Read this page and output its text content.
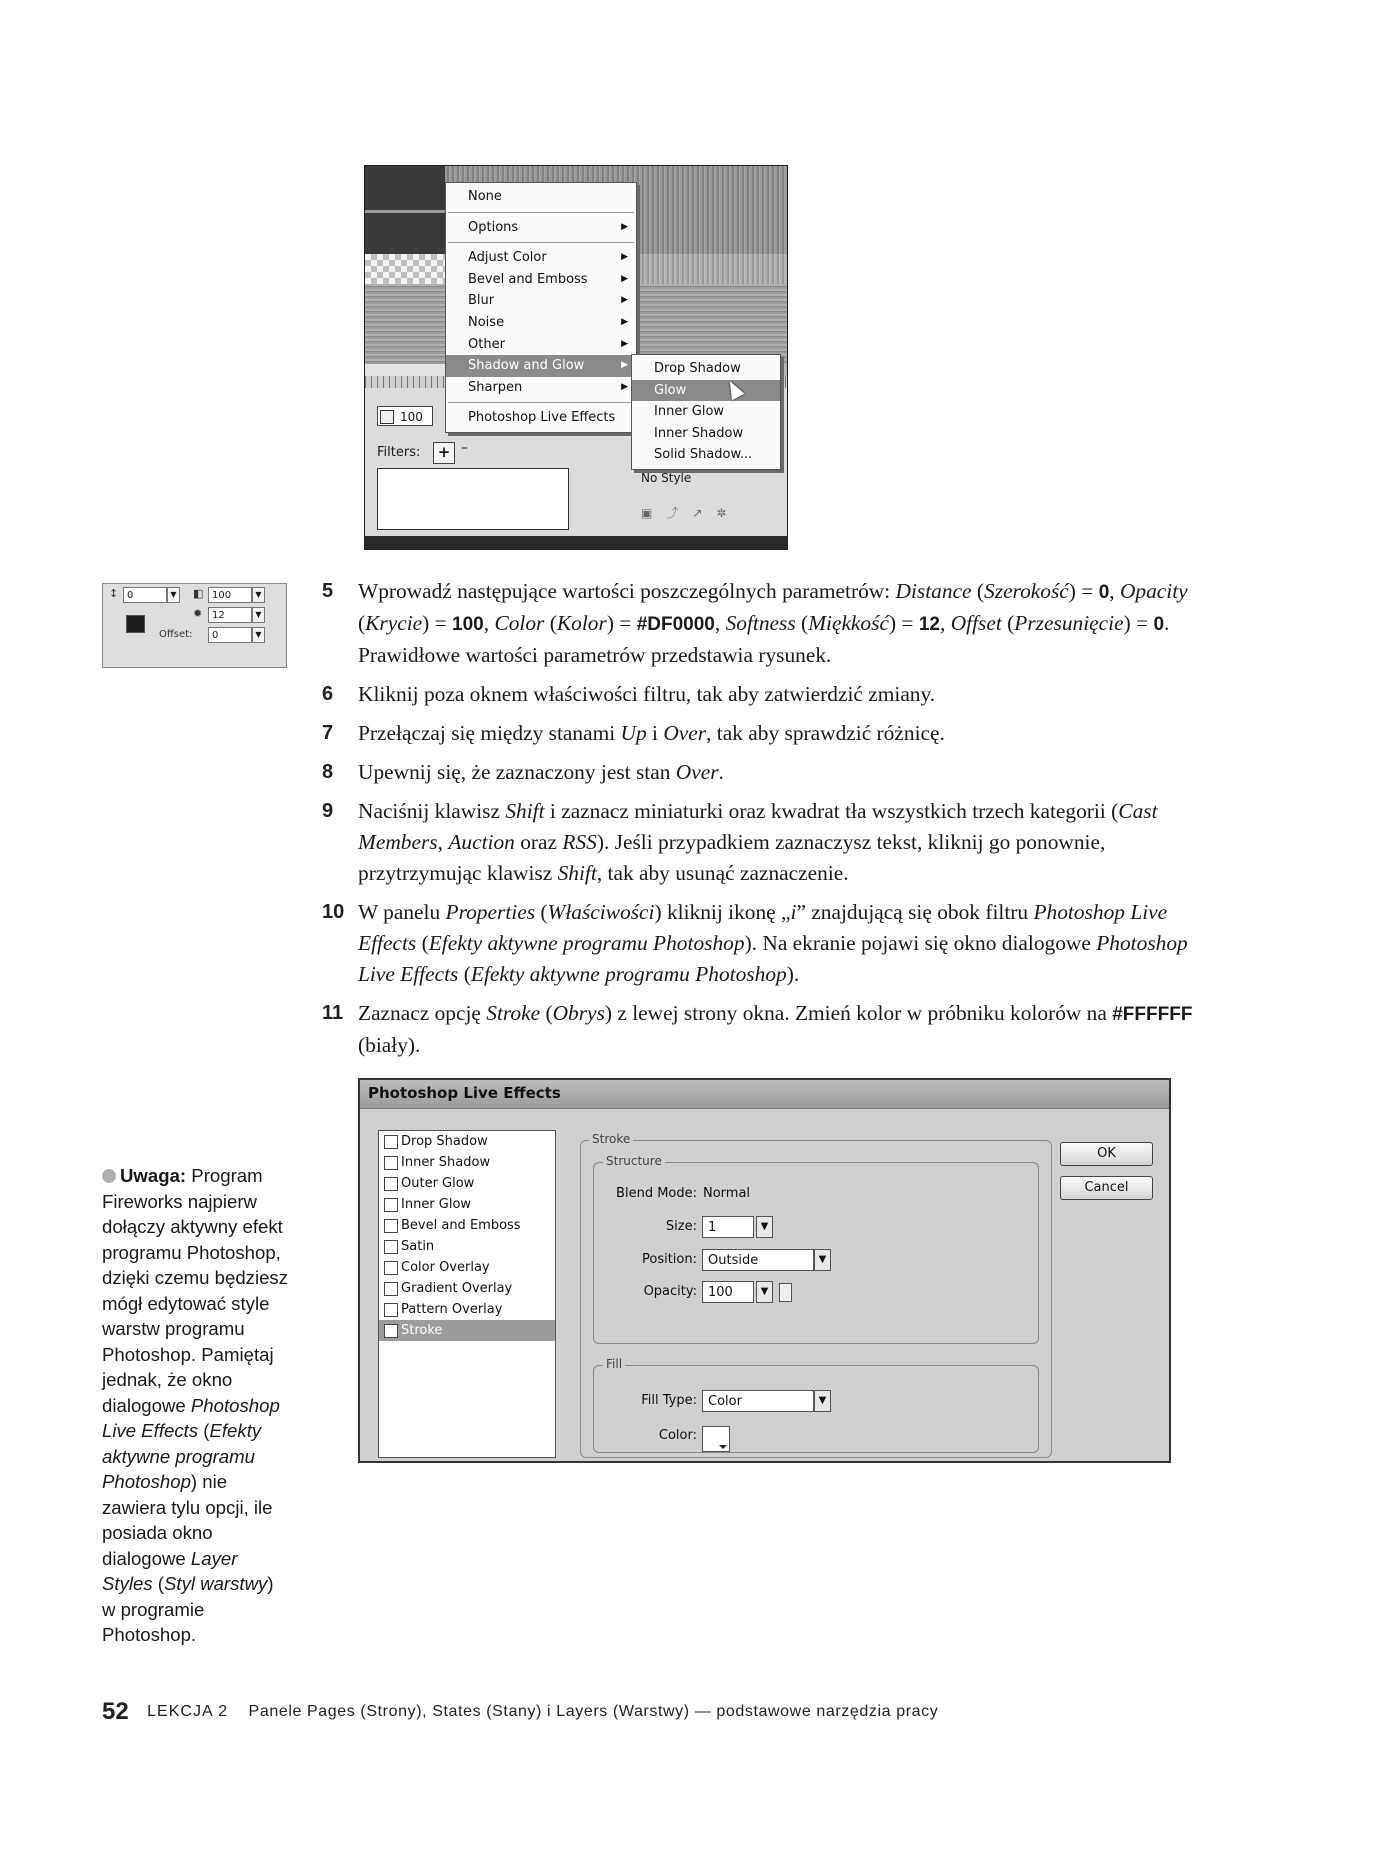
100
Filters:	+ –
No Style
▣⤴↗✲
None
Options	▶
Adjust Color	▶
Bevel and Emboss	▶
Blur	▶
Noise	▶
Other	▶
Shadow and Glow	▶
Sharpen	▶
Photoshop Live Effects
Drop Shadow
Glow
Inner Glow
Inner Shadow
Solid Shadow...
↕ 0	▼	◧ 100	▼
✹ 12	▼
Offset:	0	▼
5 Wprowadź następujące wartości poszczególnych parametrów: Distance (Szerokość) = 0, Opacity (Krycie) = 100, Color (Kolor) = #DF0000, Softness (Miękkość) = 12, Offset (Przesunięcie) = 0. Prawidłowe wartości parametrów przedstawia rysunek.
6 Kliknij poza oknem właściwości filtru, tak aby zatwierdzić zmiany.
7 Przełączaj się między stanami Up i Over, tak aby sprawdzić różnicę.
8 Upewnij się, że zaznaczony jest stan Over.
9 Naciśnij klawisz Shift i zaznacz miniaturki oraz kwadrat tła wszystkich trzech kategorii (Cast Members, Auction oraz RSS). Jeśli przypadkiem zaznaczysz tekst, kliknij go ponownie, przytrzymując klawisz Shift, tak aby usunąć zaznaczenie.
10 W panelu Properties (Właściwości) kliknij ikonę „i” znajdującą się obok filtru Photoshop Live Effects (Efekty aktywne programu Photoshop). Na ekranie pojawi się okno dialogowe Photoshop Live Effects (Efekty aktywne programu Photoshop).
11 Zaznacz opcję Stroke (Obrys) z lewej strony okna. Zmień kolor w próbniku kolorów na #FFFFFF (biały).
Photoshop Live Effects
Drop Shadow
Inner Shadow
Outer Glow
Inner Glow
Bevel and Emboss
Satin
Color Overlay
Gradient Overlay
Pattern Overlay
✓ Stroke
Stroke
Structure
Blend Mode: Normal
Size: 1	▼
Position: Outside	▼
Opacity: 100	▼
Fill
Fill Type: Color	▼
Color:
OK
Cancel
Uwaga: Program Fireworks najpierw dołączy aktywny efekt programu Photoshop, dzięki czemu będziesz mógł edytować style warstw programu Photoshop. Pamiętaj jednak, że okno dialogowe Photoshop Live Effects (Efekty aktywne programu Photoshop) nie zawiera tylu opcji, ile posiada okno dialogowe Layer Styles (Styl warstwy) w programie Photoshop.
52 LEKCJA 2 Panele Pages (Strony), States (Stany) i Layers (Warstwy) — podstawowe narzędzia pracy
